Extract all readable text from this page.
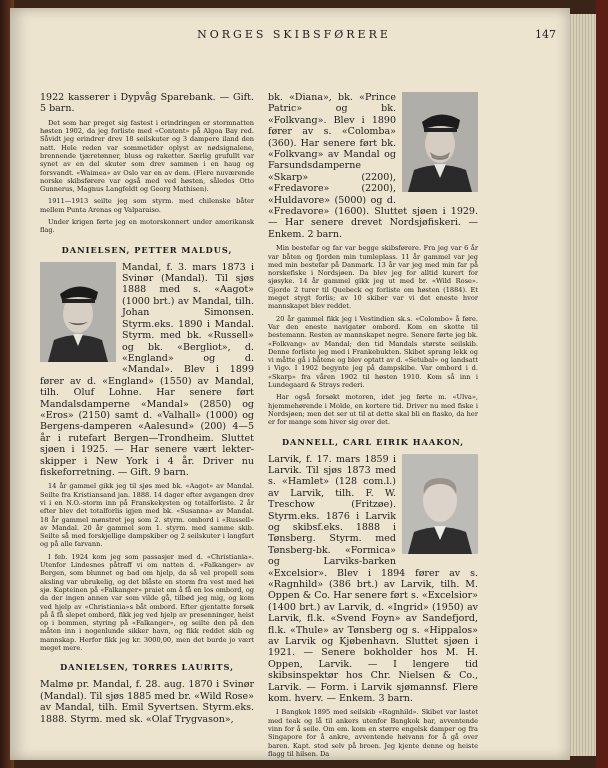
NORGES SKIBSFØRERE	147

1922 kasserer i Dypvåg Sparebank. — Gift. 5 barn.

Det som har preget sig fastest i erindringen er stormnatten høsten 1902, da jeg forliste med «Content» på Algoa Bay red. Såvidt jeg erindrer drev 18 seilskuter og 3 dampere iland den natt. Hele reden var sommetider oplyst av nødsignalene, brennende tjæretønner, bluss og raketter. Særlig grufullt var synet av en del skuter som drev sammen i en haug og forsvandt. «Waimea» av Oslo var en av dem. (Flere nuværende norske skibsførere var også med ved høsten, således Otto Gunnerus, Magnus Langfeldt og Georg Mathisen).

1911—1913 seilte jeg som styrm. med chilenske båter mellem Punta Arenas og Valparaiso.

Under krigen førte jeg en motorskonnert under amerikansk flag.

DANIELSEN, PETTER MALDUS,

Mandal, f. 3. mars 1873 i Svinør (Mandal). Til sjøs 1888 med s. «Aagot» (1000 brt.) av Mandal, tilh. Johan Simonsen. Styrm.eks. 1890 i Mandal. Styrm. med bk. «Russell» og bk. «Bergliot», d. «England» og d. «Mandal». Blev i 1899 fører av d. «England» (1550) av Mandal, tilh. Oluf Lohne. Har senere ført Mandalsdamperne «Mandal» (2850) og «Eros» (2150) samt d. «Valhall» (1000) og Bergens-damperen «Aalesund» (200) 4—5 år i rutefart Bergen—Trondheim. Sluttet sjøen i 1925. — Har senere vært lekter-skipper i New York i 4 år. Driver nu fiskeforretning. — Gift. 9 barn.

14 år gammel gikk jeg til sjøs med bk. «Aagot» av Mandal. Seilte fra Kristiansand jan. 1888. 14 dager efter avgangen drev vi i en N.O.-storm inn på Franskekysten og totalforliste. 2 år efter blev det totalforlis igjen med bk. «Susanna» av Mandal. 18 år gammel mønstret jeg som 2. styrm. ombord i «Russell» av Mandal. 20 år gammel som 1. styrm. med samme skib. Seilte så med forskjellige dampskiber og 2 seilskuter i langfart og på alle farvann.

I feb. 1924 kom jeg som passasjer med d. «Christiania». Utenfor Lindesnes påtraff vi om natten d. «Falkanger» av Bergen, som blunnet og bad om hjelp, da så vel propell som aksling var ubrukelig, og det blåste en storm fra vest med høi sjø. Kapteinen på «Falkanger» praiet om å få en los ombord, og da der ingen annen var som vilde gå, tilbød jeg mig, og kom ved hjelp av «Christiania»s båt ombord. Efter gjentatte forsøk på å få slepet ombord, fikk jeg ved hjelp av presenninger, heist op i bommen, styring på «Falkanger», og seilte den på den måten inn i nogenlunde sikker havn, og fikk reddet skib og mannskap. Herfor fikk jeg kr. 3000,00, men det burde jo vært meget mere.

DANIELSEN, TORRES LAURITS,

Malmø pr. Mandal, f. 28. aug. 1870 i Svinør (Mandal). Til sjøs 1885 med br. «Wild Rose» av Mandal, tilh. Emil Syvertsen. Styrm.eks. 1888. Styrm. med sk. «Olaf Trygvason»,

bk. «Diana», bk. «Prince Patric» og bk. «Folkvang». Blev i 1890 fører av s. «Colomba» (360). Har senere ført bk. «Folkvang» av Mandal og Farsundsdamperne «Skarp» (2200), «Fredavore» (2200), «Huldavore» (5000) og d. «Fredavore» (1600). Sluttet sjøen i 1929. — Har senere drevet Nordsjøfiskeri. — Enkem. 2 barn.

Min bestefar og far var begge skibsførere. Fra jeg var 6 år var båten og fjorden min tumleplass. 11 år gammel var jeg med min bestefar på Danmark. 13 år var jeg med min far på norskefiske i Nordsjøen. Da blev jeg for alltid kurert for sjøsyke. 14 år gammel gikk jeg ut med br. «Wild Rose». Gjorde 2 turer til Quebeck og forliste om høsten (1884). Et meget stygt forlis; av 10 skiber var vi det eneste hvor mannskapet blev reddet.

20 år gammel fikk jeg i Vestindien sk.s. «Colombo» å føre. Var den eneste navigatør ombord. Kom en skotte til bestemann. Resten av mannskapet negre. Senere førte jeg bk. «Folkvang» av Mandal; den tid Mandals største seilskib. Denne forliste jeg med i Frankebukten. Skibet sprang lekk og vi måtte gå i båtene og blev optatt av d. «Setubal» og landsatt i Vigo. I 1902 begynte jeg på dampskibe. Var ombord i d. «Skarp» fra våren 1902 til høsten 1910. Kom så inn i Lundegaard & Strays rederi.

Har også forsøkt motoren, idet jeg førte m. «Ulva», hjemmehørende i Molde, en kortere tid. Driver nu med fiske i Nordsjøen; men det ser ut til at dette skal bli en fiasko, da her er for mange som hiver sig over det.

DANNELL, CARL EIRIK HAAKON,

Larvik, f. 17. mars 1859 i Larvik. Til sjøs 1873 med s. «Hamlet» (128 com.l.) av Larvik, tilh. F. W. Treschow (Fritzøe). Styrm.eks. 1876 i Larvik og skibsf.eks. 1888 i Tønsberg. Styrm. med Tønsberg-bk. «Formica» og Larviks-barken «Excelsior». Blev i 1894 fører av s. «Ragnhild» (386 brt.) av Larvik, tilh. M. Oppen & Co. Har senere ført s. «Excelsior» (1400 brt.) av Larvik, d. «Ingrid» (1950) av Larvik, fl.k. «Svend Foyn» av Sandefjord, fl.k. «Thule» av Tønsberg og s. «Hippalos» av Larvik og Kjøbenhavn. Sluttet sjøen i 1921. — Senere bokholder hos M. H. Oppen, Larvik. — I lengere tid skibsinspektør hos Chr. Nielsen & Co., Larvik. — Form. i Larvik sjømannsf. Flere kom. hverv. — Enkem. 3 barn.

I Bangkok 1895 med seilskib «Ragnhild». Skibet var lastet med teak og lå til ankers utenfor Bangkok bar, avventende vinn for å seile. Om em. kom en større engelsk damper og fra Singapore for å ankre, avventende høivann for å gå over baren. Kapt. stod selv på broen. Jeg kjente denne og heiste flagg til hilsen. Da
